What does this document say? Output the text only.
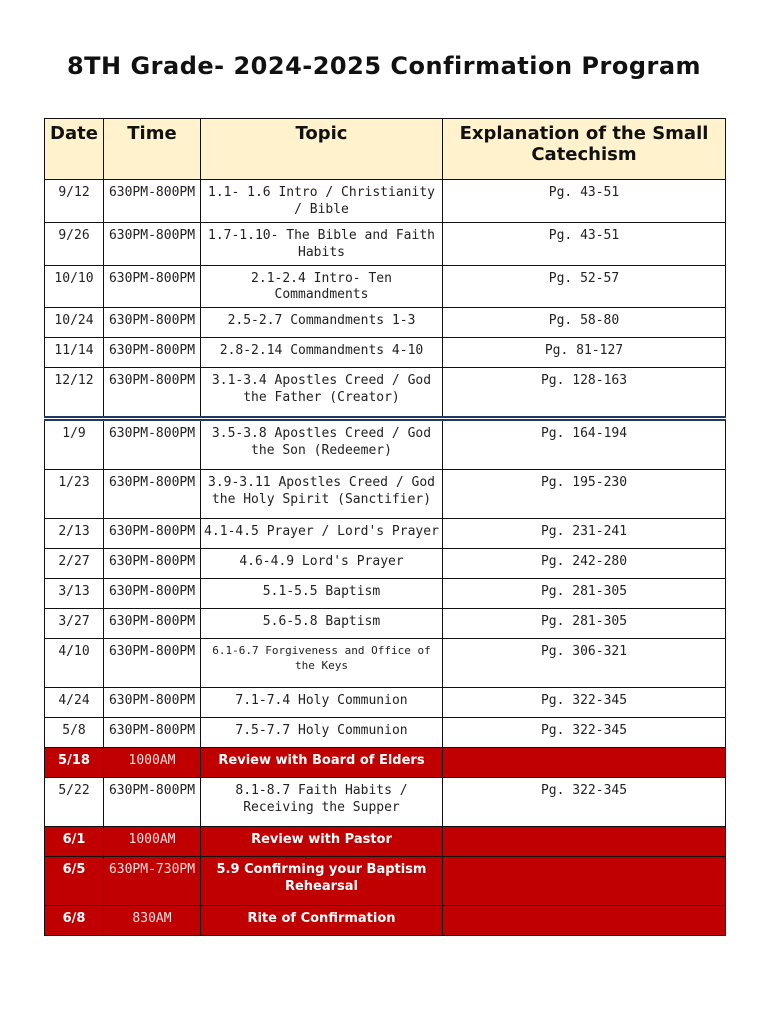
8TH Grade- 2024-2025 Confirmation Program
Date	Time	Topic	Explanation of the Small Catechism
9/12	630PM-800PM	1.1- 1.6 Intro / Christianity / Bible	Pg. 43-51
9/26	630PM-800PM	1.7-1.10- The Bible and Faith Habits	Pg. 43-51
10/10	630PM-800PM	2.1-2.4 Intro- Ten Commandments	Pg. 52-57
10/24	630PM-800PM	2.5-2.7 Commandments 1-3	Pg. 58-80
11/14	630PM-800PM	2.8-2.14 Commandments 4-10	Pg. 81-127
12/12	630PM-800PM	3.1-3.4 Apostles Creed / God the Father (Creator)	Pg. 128-163
1/9	630PM-800PM	3.5-3.8 Apostles Creed / God the Son (Redeemer)	Pg. 164-194
1/23	630PM-800PM	3.9-3.11 Apostles Creed / God the Holy Spirit (Sanctifier)	Pg. 195-230
2/13	630PM-800PM	4.1-4.5 Prayer / Lord's Prayer	Pg. 231-241
2/27	630PM-800PM	4.6-4.9 Lord's Prayer	Pg. 242-280
3/13	630PM-800PM	5.1-5.5 Baptism	Pg. 281-305
3/27	630PM-800PM	5.6-5.8 Baptism	Pg. 281-305
4/10	630PM-800PM	6.1-6.7 Forgiveness and Office of the Keys	Pg. 306-321
4/24	630PM-800PM	7.1-7.4 Holy Communion	Pg. 322-345
5/8	630PM-800PM	7.5-7.7 Holy Communion	Pg. 322-345
5/18	1000AM	Review with Board of Elders	
5/22	630PM-800PM	8.1-8.7 Faith Habits / Receiving the Supper	Pg. 322-345
6/1	1000AM	Review with Pastor	
6/5	630PM-730PM	5.9 Confirming your Baptism Rehearsal	
6/8	830AM	Rite of Confirmation	
